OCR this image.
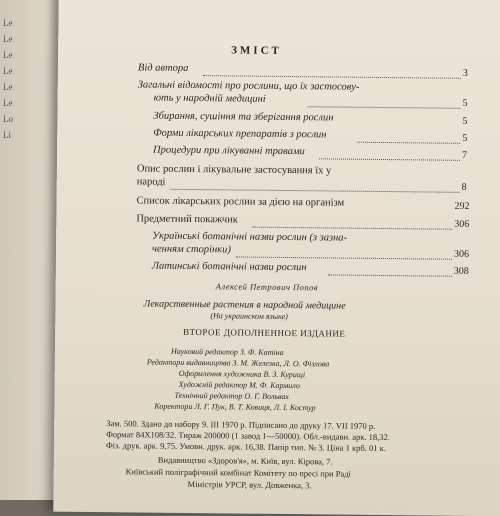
Le
Le
Le
Le
Le
Le
Lo
Li
ЗМІСТ
Від автора	3
Загальні відомості про рослини, що їх застосову-
ють у народній медицині	5
Збирання, сушіння та зберігання рослин	5
Форми лікарських препаратів з рослин	5
Процедури при лікуванні травами	7
Опис рослин і лікувальне застосування їх у
народі	8
Список лікарських рослин за дією на організм	292
Предметний покажчик	306
Українські ботанічні назви рослин (з зазна-
ченням сторінки)	306
Латинські ботанічні назви рослин	308
Алексей Петрович Попов
Лекарственные растения в народной медицине
(На украинском языке)
ВТОРОЕ ДОПОЛНЕННОЕ ИЗДАНИЕ
Науковий редактор З. Ф. Катіна
Редактори видавництва З. М. Железка, Л. О. Фізлова
Оформлення художника В. З. Курищі
Художній редактор М. Ф. Кармило
Технічний редактор О. Г. Вольвах
Коректори Л. Г. Пук, В. Т. Ковиця, Л. І. Костур
Зам. 500. Здано до набору 9. III 1970 р. Підписано до друку 17. VII 1970 р.
Формат 84X108/32. Тираж 200000 (1 завод 1—50000). Обл.-видавн. арк. 18,32.
Фіз. друк. арк. 9,75. Умовн. друк. арк. 16,38. Папір тип. № 3. Ціна 1 крб. 01 к.
Видавництво «Здоров'я», м. Київ, вул. Кірова, 7.
Київський поліграфічний комбінат Комітету по пресі при Раді
Міністрів УРСР, вул. Довженка, 3.
